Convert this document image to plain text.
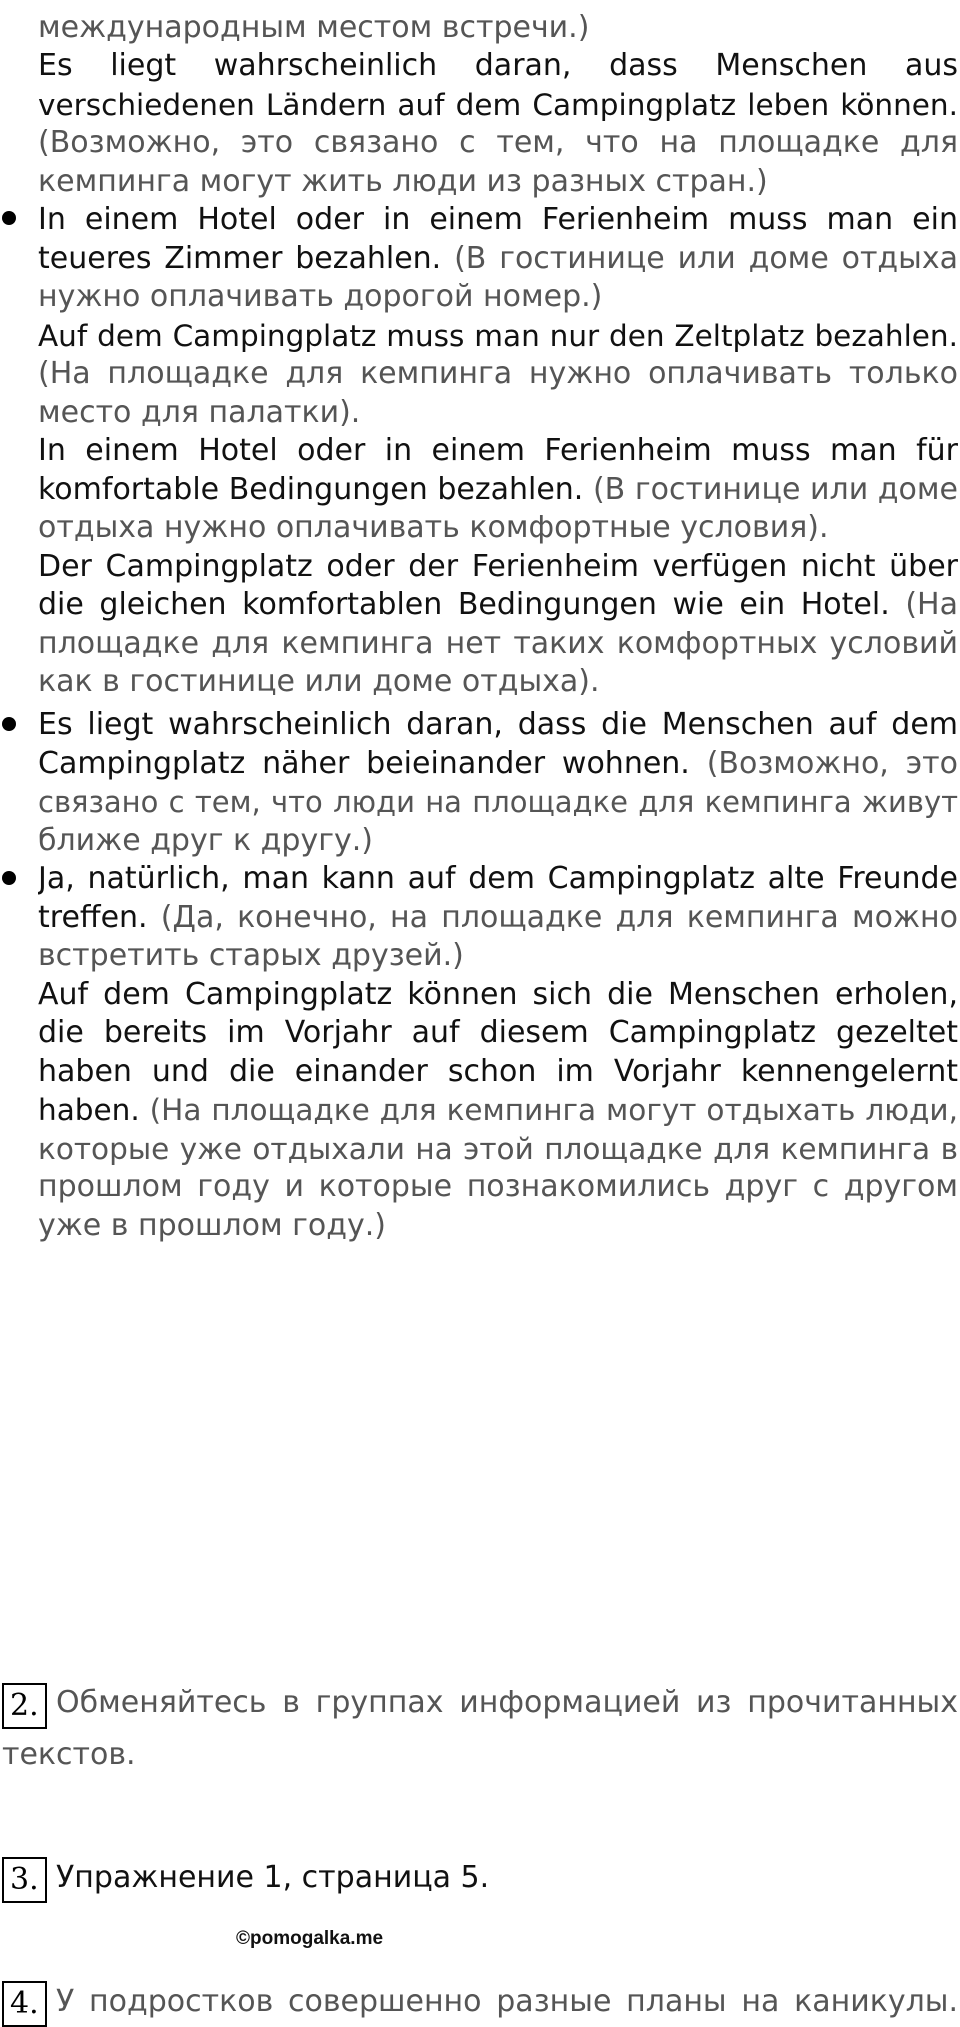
международным местом встречи.)
Es liegt wahrscheinlich daran, dass Menschen aus
verschiedenen Ländern auf dem Campingplatz leben können.
(Возможно, это связано с тем, что на площадке для
кемпинга могут жить люди из разных стран.)
In einem Hotel oder in einem Ferienheim muss man ein
teueres Zimmer bezahlen. (В гостинице или доме отдыха
нужно оплачивать дорогой номер.)
Auf dem Campingplatz muss man nur den Zeltplatz bezahlen.
(На площадке для кемпинга нужно оплачивать только
место для палатки).
In einem Hotel oder in einem Ferienheim muss man für
komfortable Bedingungen bezahlen. (В гостинице или доме
отдыха нужно оплачивать комфортные условия).
Der Campingplatz oder der Ferienheim verfügen nicht über
die gleichen komfortablen Bedingungen wie ein Hotel. (На
площадке для кемпинга нет таких комфортных условий
как в гостинице или доме отдыха).
Es liegt wahrscheinlich daran, dass die Menschen auf dem
Campingplatz näher beieinander wohnen. (Возможно, это
связано с тем, что люди на площадке для кемпинга живут
ближе друг к другу.)
Ja, natürlich, man kann auf dem Campingplatz alte Freunde
treffen. (Да, конечно, на площадке для кемпинга можно
встретить старых друзей.)
Auf dem Campingplatz können sich die Menschen erholen,
die bereits im Vorjahr auf diesem Campingplatz gezeltet
haben und die einander schon im Vorjahr kennengelernt
haben. (На площадке для кемпинга могут отдыхать люди,
которые уже отдыхали на этой площадке для кемпинга в
прошлом году и которые познакомились друг с другом
уже в прошлом году.)
2. Обменяйтесь в группах информацией из прочитанных
текстов.
3. Упражнение 1, страница 5.
©pomogalka.me
4. У подростков совершенно разные планы на каникулы.
